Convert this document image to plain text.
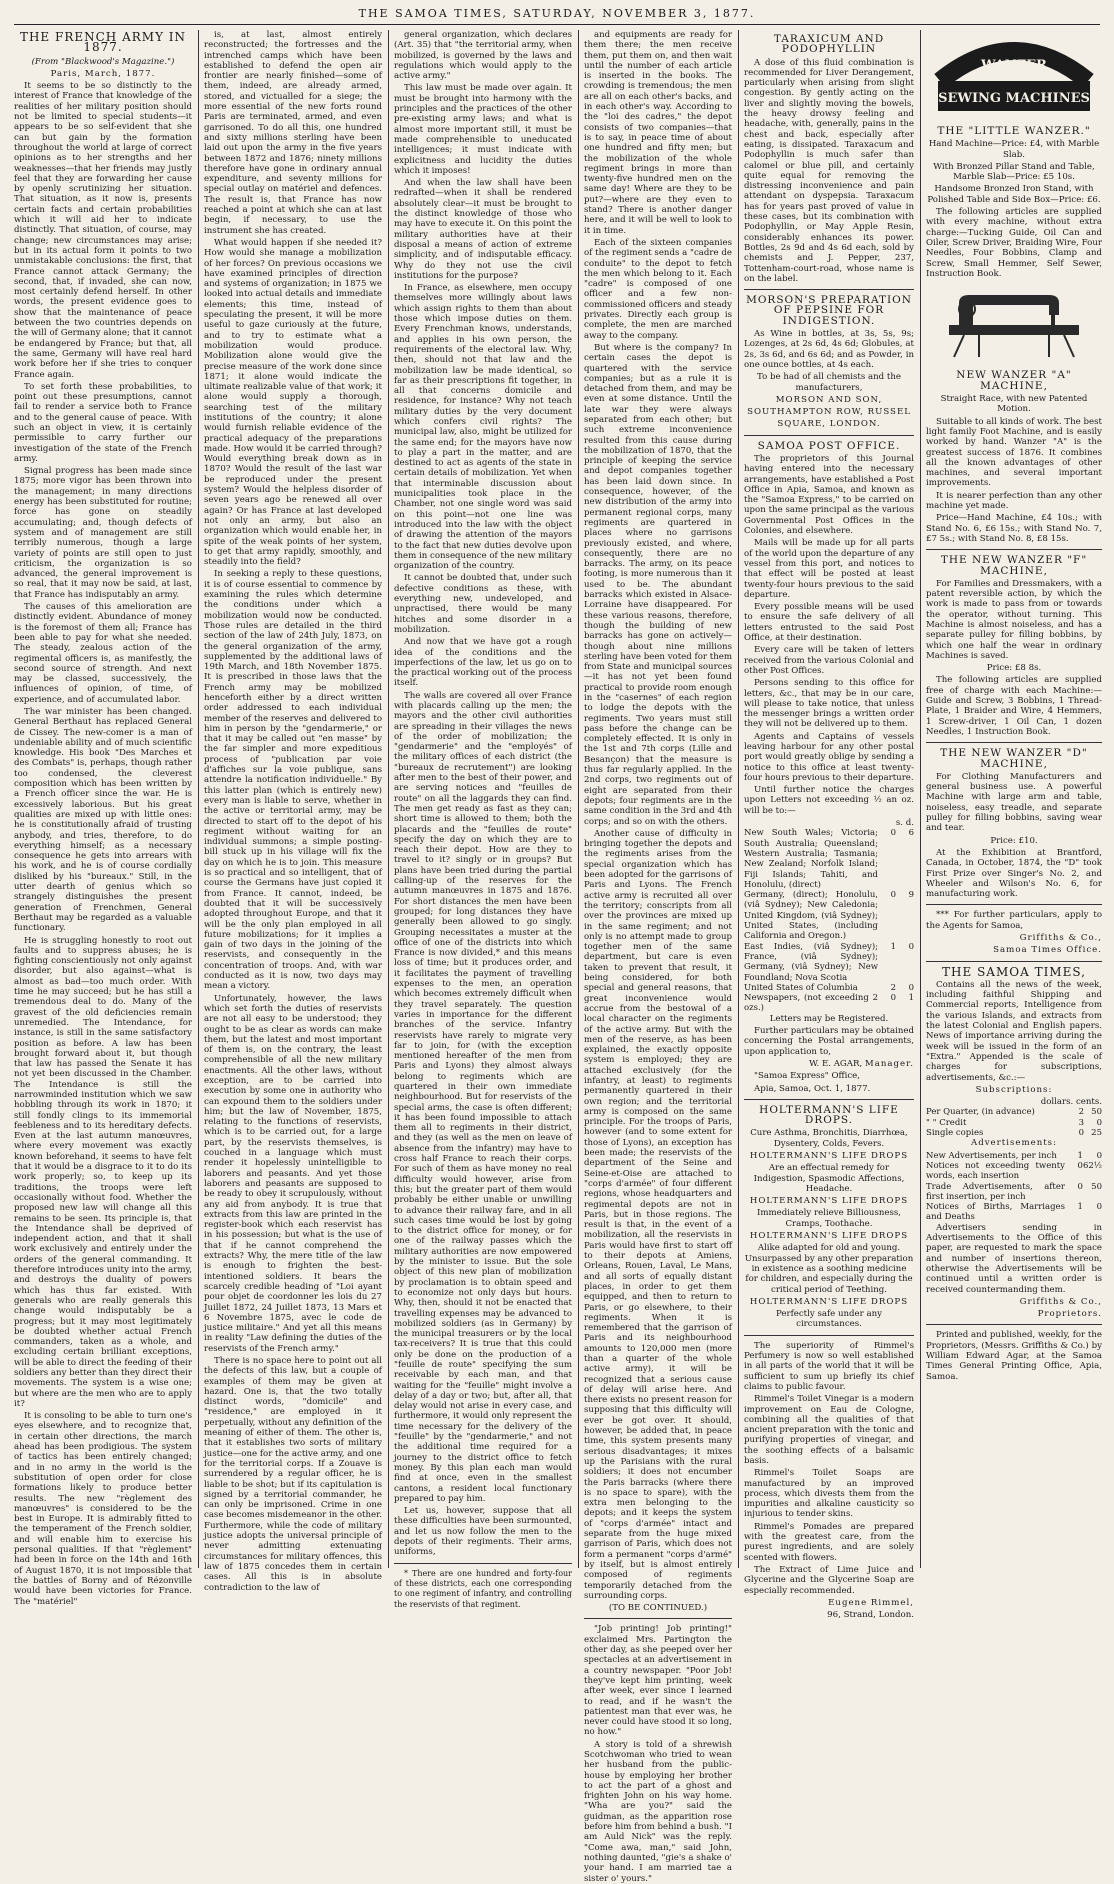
THE SAMOA TIMES, SATURDAY, NOVEMBER 3, 1877.
THE FRENCH ARMY IN 1877.

(From "Blackwood's Magazine.")

Paris, March, 1877.

It seems to be so distinctly to the interest of France that knowledge of the realities of her military position should not be limited to special students—it appears to be so self-evident that she can but gain by the formation throughout the world at large of correct opinions as to her strengths and her weaknesses—that her friends may justly feel that they are forwarding her cause by openly scrutinizing her situation. That situation, as it now is, presents certain facts and certain probabilities which it will aid her to indicate distinctly. That situation, of course, may change; new circumstances may arise; but in its actual form it points to two unmistakable conclusions: the first, that France cannot attack Germany; the second, that, if invaded, she can now, most certainly defend herself. In other words, the present evidence goes to show that the maintenance of peace between the two countries depends on the will of Germany alone; that it cannot be endangered by France; but that, all the same, Germany will have real hard work before her if she tries to conquer France again.

To set forth these probabilities, to point out these presumptions, cannot fail to render a service both to France and to the general cause of peace. With such an object in view, it is certainly permissible to carry further our investigation of the state of the French army.

Signal progress has been made since 1875; more vigor has been thrown into the management; in many directions energy has been substituted for routine; force has gone on steadily accumulating; and, though defects of system and of management are still terribly numerous, though a large variety of points are still open to just criticism, the organization is so advanced, the general improvement is so real, that it may now be said, at last, that France has indisputably an army.

The causes of this amelioration are distinctly evident. Abundance of money is the foremost of them all; France has been able to pay for what she needed. The steady, zealous action of the regimental officers is, as manifestly, the second source of strength. And next may be classed, successively, the influences of opinion, of time, of experience, and of accumulated labor.

The war minister has been changed. General Berthaut has replaced General de Cissey. The new-comer is a man of undeniable ability and of much scientific knowledge. His book "Des Marches et des Combats" is, perhaps, though rather too condensed, the cleverest composition which has been written by a French officer since the war. He is excessively laborious. But his great qualities are mixed up with little ones: he is constitutionally afraid of trusting anybody, and tries, therefore, to do everything himself; as a necessary consequence he gets into arrears with his work, and he is of course cordially disliked by his "bureaux." Still, in the utter dearth of genius which so strangely distinguishes the present generation of Frenchmen, General Berthaut may be regarded as a valuable functionary.

He is struggling honestly to root out faults and to suppress abuses; he is fighting conscientiously not only against disorder, but also against—what is almost as bad—too much order. With time he may succeed; but he has still a tremendous deal to do. Many of the gravest of the old deficiencies remain unremedied. The Intendance, for instance, is still in the same satisfactory position as before. A law has been brought forward about it, but though that law has passed the Senate it has not yet been discussed in the Chamber. The Intendance is still the narrowminded institution which we saw hobbling through its work in 1870; it still fondly clings to its immemorial feebleness and to its hereditary defects. Even at the last autumn manœuvres, where every movement was exactly known beforehand, it seems to have felt that it would be a disgrace to it to do its work properly; so, to keep up its traditions, the troops were left occasionally without food. Whether the proposed new law will change all this remains to be seen. Its principle is, that the Intendance shall be deprived of independent action, and that it shall work exclusively and entirely under the orders of the general commanding. It therefore introduces unity into the army, and destroys the duality of powers which has thus far existed. With generals who are really generals this change would indisputably be a progress; but it may most legitimately be doubted whether actual French commanders, taken as a whole, and excluding certain brilliant exceptions, will be able to direct the feeding of their soldiers any better than they direct their movements. The system is a wise one; but where are the men who are to apply it?

It is consoling to be able to turn one's eyes elsewhere, and to recognize that, in certain other directions, the march ahead has been prodigious. The system of tactics has been entirely changed; and in no army in the world is the substitution of open order for close formations likely to produce better results. The new "règlement des manœuvres" is considered to be the best in Europe. It is admirably fitted to the temperament of the French soldier, and will enable him to exercise his personal qualities. If that "règlement" had been in force on the 14th and 16th of August 1870, it is not impossible that the battles of Borny and of Rézonville would have been victories for France. The "matériel"

is, at last, almost entirely reconstructed; the fortresses and the intrenched camps which have been established to defend the open air frontier are nearly finished—some of them, indeed, are already armed, stored, and victualled for a siege; the more essential of the new forts round Paris are terminated, armed, and even garrisoned. To do all this, one hundred and sixty millions sterling have been laid out upon the army in the five years between 1872 and 1876; ninety millions therefore have gone in ordinary annual expenditure, and seventy millions for special outlay on matériel and defences. The result is, that France has now reached a point at which she can at last begin, if necessary, to use the instrument she has created.

What would happen if she needed it? How would she manage a mobilization of her forces? On previous occasions we have examined principles of direction and systems of organization; in 1875 we looked into actual details and immediate elements; this time, instead of speculating the present, it will be more useful to gaze curiously at the future, and to try to estimate what a mobilization would produce. Mobilization alone would give the precise measure of the work done since 1871; it alone would indicate the ultimate realizable value of that work; it alone would supply a thorough, searching test of the military institutions of the country; it alone would furnish reliable evidence of the practical adequacy of the preparations made. How would it be carried through? Would everything break down as in 1870? Would the result of the last war be reproduced under the present system? Would the helpless disorder of seven years ago be renewed all over again? Or has France at last developed not only an army, but also an organization which would enable her, in spite of the weak points of her system, to get that army rapidly, smoothly, and steadily into the field?

In seeking a reply to these questions, it is of course essential to commence by examining the rules which determine the conditions under which a mobilization would now be conducted. Those rules are detailed in the third section of the law of 24th July, 1873, on the general organization of the army, supplemented by the additional laws of 19th March, and 18th November 1875. It is prescribed in those laws that the French army may be mobilized henceforth either by a direct written order addressed to each individual member of the reserves and delivered to him in person by the "gendarmerie," or that it may be called out "en masse" by the far simpler and more expeditious process of "publication par voie d'affiches sur la voie publique, sans attendre la notification individuelle." By this latter plan (which is entirely new) every man is liable to serve, whether in the active or territorial army, may be directed to start off to the depot of his regiment without waiting for an individual summons; a simple posting-bill stuck up in his village will fix the day on which he is to join. This measure is so practical and so intelligent, that of course the Germans have just copied it from France. It cannot, indeed, be doubted that it will be successively adopted throughout Europe, and that it will be the only plan employed in all future mobilizations; for it implies a gain of two days in the joining of the reservists, and consequently in the concentration of troops. And, with war conducted as it is now, two days may mean a victory.

Unfortunately, however, the laws which set forth the duties of reservists are not all easy to be understood; they ought to be as clear as words can make them, but the latest and most important of them is, on the contrary, the least comprehensible of all the new military enactments. All the other laws, without exception, are to be carried into execution by some one in authority who can expound them to the soldiers under him; but the law of November, 1875, relating to the functions of reservists, which is to be carried out, for a large part, by the reservists themselves, is couched in a language which must render it hopelessly unintelligible to laborers and peasants. And yet those laborers and peasants are supposed to be ready to obey it scrupulously, without any aid from anybody. It is true that extracts from this law are printed in the register-book which each reservist has in his possession; but what is the use of that if he cannot comprehend the extracts? Why, the mere title of the law is enough to frighten the best-intentioned soldiers. It bears the scarcely credible heading of "Loi ayant pour objet de coordonner les lois du 27 Juillet 1872, 24 Juillet 1873, 13 Mars et 6 Novembre 1875, avec le code de justice militaire." And yet all this means in reality "Law defining the duties of the reservists of the French army."

There is no space here to point out all the defects of this law, but a couple of examples of them may be given at hazard. One is, that the two totally distinct words, "domicile" and "residence," are employed in it perpetually, without any definition of the meaning of either of them. The other is, that it establishes two sorts of military justice—one for the active army, and one for the territorial corps. If a Zouave is surrendered by a regular officer, he is liable to be shot; but if its capitulation is signed by a territorial commander, he can only be imprisoned. Crime in one case becomes misdemeanor in the other. Furthermore, while the code of military justice adopts the universal principle of never admitting extenuating circumstances for military offences, this law of 1875 concedes them in certain cases. All this is in absolute contradiction to the law of

general organization, which declares (Art. 35) that "the territorial army, when mobilized, is governed by the laws and regulations which would apply to the active army."

This law must be made over again. It must be brought into harmony with the principles and the practices of the other pre-existing army laws; and what is almost more important still, it must be made comprehensible to uneducated intelligences; it must indicate with explicitness and lucidity the duties which it imposes!

And when the law shall have been redrafted—when it shall be rendered absolutely clear—it must be brought to the distinct knowledge of those who may have to execute it. On this point the military authorities have at their disposal a means of action of extreme simplicity, and of indisputable efficacy. Why do they not use the civil institutions for the purpose?

In France, as elsewhere, men occupy themselves more willingly about laws which assign rights to them than about those which impose duties on them. Every Frenchman knows, understands, and applies in his own person, the requirements of the electoral law. Why, then, should not that law and the mobilization law be made identical, so far as their prescriptions fit together, in all that concerns domicile and residence, for instance? Why not teach military duties by the very document which confers civil rights? The municipal law, also, might be utilized for the same end; for the mayors have now to play a part in the matter, and are destined to act as agents of the state in certain details of mobilization. Yet when that interminable discussion about municipalities took place in the Chamber, not one single word was said on this point—not one line was introduced into the law with the object of drawing the attention of the mayors to the fact that new duties devolve upon them in consequence of the new military organization of the country.

It cannot be doubted that, under such defective conditions as these, with everything new, undeveloped, and unpractised, there would be many hitches and some disorder in a mobilization.

And now that we have got a rough idea of the conditions and the imperfections of the law, let us go on to the practical working out of the process itself.

The walls are covered all over France with placards calling up the men; the mayors and the other civil authorities are spreading in their villages the news of the order of mobilization; the "gendarmerie" and the "employés" of the military offices of each district (the "bureaux de recrutement") are looking after men to the best of their power, and are serving notices and "feuilles de route" on all the laggards they can find. The men get ready as fast as they can; short time is allowed to them; both the placards and the "feuilles de route" specify the day on which they are to reach their depot. How are they to travel to it? singly or in groups? But plans have been tried during the partial calling-up of the reserves for the autumn manœuvres in 1875 and 1876. For short distances the men have been grouped; for long distances they have generally been allowed to go singly. Grouping necessitates a muster at the office of one of the districts into which France is now divided,* and this means loss of time; but it produces order, and it facilitates the payment of travelling expenses to the men, an operation which becomes extremely difficult when they travel separately. The question varies in importance for the different branches of the service. Infantry reservists have rarely to migrate very far to join, for (with the exception mentioned hereafter of the men from Paris and Lyons) they almost always belong to regiments which are quartered in their own immediate neighbourhood. But for reservists of the special arms, the case is often different; it has been found impossible to attach them all to regiments in their district, and they (as well as the men on leave of absence from the infantry) may have to cross half France to reach their corps. For such of them as have money no real difficulty would however, arise from this; but the greater part of them would probably be either unable or unwilling to advance their railway fare, and in all such cases time would be lost by going to the district office for money, or for one of the railway passes which the military authorities are now empowered by the minister to issue. But the sole object of this new plan of mobilization by proclamation is to obtain speed and to economize not only days but hours. Why, then, should it not be enacted that travelling expenses may be advanced to mobilized soldiers (as in Germany) by the municipal treasurers or by the local tax-receivers? It is true that this could only be done on the production of a "feuille de route" specifying the sum receivable by each man, and that waiting for the "feuille" might involve a delay of a day or two; but, after all, that delay would not arise in every case, and furthermore, it would only represent the time necessary for the delivery of the "feuille" by the "gendarmerie," and not the additional time required for a journey to the district office to fetch money. By this plan each man would find at once, even in the smallest cantons, a resident local functionary prepared to pay him.

Let us, however, suppose that all these difficulties have been surmounted, and let us now follow the men to the depots of their regiments. Their arms, uniforms,

* There are one hundred and forty-four of these districts, each one corresponding to one regiment of infantry, and controlling the reservists of that regiment.

and equipments are ready for them there; the men receive them, put them on, and then wait until the number of each article is inserted in the books. The crowding is tremendous; the men are all on each other's backs, and in each other's way. According to the "loi des cadres," the depot consists of two companies—that is to say, in peace time of about one hundred and fifty men; but the mobilization of the whole regiment brings in more than twenty-five hundred men on the same day! Where are they to be put?—where are they even to stand? There is another danger here, and it will be well to look to it in time.

Each of the sixteen companies of the regiment sends a "cadre de conduite" to the depot to fetch the men which belong to it. Each "cadre" is composed of one officer and a few non-commissioned officers and steady privates. Directly each group is complete, the men are marched away to the company.

But where is the company? In certain cases the depot is quartered with the service companies; but as a rule it is detached from them, and may be even at some distance. Until the late war they were always separated from each other; but such extreme inconvenience resulted from this cause during the mobilization of 1870, that the principle of keeping the service and depot companies together has been laid down since. In consequence, however, of the new distribution of the army into permanent regional corps, many regiments are quartered in places where no garrisons previously existed, and where, consequently, there are no barracks. The army, on its peace footing, is more numerous than it used to be. The abundant barracks which existed in Alsace-Lorraine have disappeared. For these various reasons, therefore, though the building of new barracks has gone on actively—though about nine millions sterling have been voted for them from State and municipal sources—it has not yet been found practical to provide room enough in the "casernes" of each region to lodge the depots with the regiments. Two years must still pass before the change can be completely effected. It is only in the 1st and 7th corps (Lille and Besançon) that the measure is thus far regularly applied. In the 2nd corps, two regiments out of eight are separated from their depots; four regiments are in the same condition in the 3rd and 4th corps; and so on with the others.

Another cause of difficulty in bringing together the depots and the regiments arises from the special organization which has been adopted for the garrisons of Paris and Lyons. The French active army is recruited all over the territory; conscripts from all over the provinces are mixed up in the same regiment; and not only is no attempt made to group together men of the same department, but care is even taken to prevent that result, it being considered, for both special and general reasons, that great inconvenience would accrue from the bestowal of a local character on the regiments of the active army. But with the men of the reserve, as has been explained, the exactly opposite system is employed; they are attached exclusively (for the infantry, at least) to regiments permanently quartered in their own region; and the territorial army is composed on the same principle. For the troops of Paris, however (and to some extent for those of Lyons), an exception has been made; the reservists of the department of the Seine and Seine-et-Oise are attached to "corps d'armée" of four different regions, whose headquarters and regimental depots are not in Paris, but in those regions. The result is that, in the event of a mobilization, all the reservists in Paris would have first to start off to their depots at Amiens, Orleans, Rouen, Laval, Le Mans, and all sorts of equally distant places, in order to get them equipped, and then to return to Paris, or go elsewhere, to their regiments. When it is remembered that the garrison of Paris and its neighbourhood amounts to 120,000 men (more than a quarter of the whole active army), it will be recognized that a serious cause of delay will arise here. And there exists no present reason for supposing that this difficulty will ever be got over. It should, however, be added that, in peace time, this system presents many serious disadvantages; it mixes up the Parisians with the rural soldiers; it does not encumber the Paris barracks (where there is no space to spare), with the extra men belonging to the depots; and it keeps the system of "corps d'armée" intact and separate from the huge mixed garrison of Paris, which does not form a permanent "corps d'armé" by itself, but is almost entirely composed of regiments temporarily detached from the surrounding corps.

(TO BE CONTINUED.)

"Job printing! Job printing!" exclaimed Mrs. Partington the other day, as she peeped over her spectacles at an advertisement in a country newspaper. "Poor Job! they've kept him printing, week after week, ever since I learned to read, and if he wasn't the patientest man that ever was, he never could have stood it so long, no how."

A story is told of a shrewish Scotchwoman who tried to wean her husband from the public-house by employing her brother to act the part of a ghost and frighten John on his way home. "Wha are you?" said the guidman, as the apparition rose before him from behind a bush. "I am Auld Nick" was the reply. "Come awa, man," said John, nothing daunted, "gie's a shake o' your hand. I am married tae a sister o' yours."

TARAXICUM AND PODOPHYLLIN

A dose of this fluid combination is recommended for Liver Derangement, particularly when arising from slight congestion. By gently acting on the liver and slightly moving the bowels, the heavy drowsy feeling and headache, with, generally, pains in the chest and back, especially after eating, is dissipated. Taraxacum and Podophyllin is much safer than calomel or blue pill, and certainly quite equal for removing the distressing inconvenience and pain attendant on dyspepsia. Taraxacum has for years past proved of value in these cases, but its combination with Podophyllin, or May Apple Resin, considerably enhances its power. Bottles, 2s 9d and 4s 6d each, sold by chemists and J. Pepper, 237, Tottenham-court-road, whose name is on the label.

MORSON'S PREPARATION OF PEPSINE FOR INDIGESTION.

As Wine in bottles, at 3s, 5s, 9s; Lozenges, at 2s 6d, 4s 6d; Globules, at 2s, 3s 6d, and 6s 6d; and as Powder, in one ounce bottles, at 4s each.

To be had of all chemists and the manufacturers,

MORSON AND SON,

SOUTHAMPTON ROW, RUSSEL

SQUARE, LONDON.

SAMOA POST OFFICE.

The proprietors of this Journal having entered into the necessary arrangements, have established a Post Office in Apia, Samoa, and known as the "Samoa Express," to be carried on upon the same principal as the various Governmental Post Offices in the Colonies, and elsewhere.

Mails will be made up for all parts of the world upon the departure of any vessel from this port, and notices to that effect will be posted at least twenty-four hours previous to the said departure.

Every possible means will be used to ensure the safe delivery of all letters entrusted to the said Post Office, at their destination.

Every care will be taken of letters received from the various Colonial and other Post Offices.

Persons sending to this office for letters, &c., that may be in our care, will please to take notice, that unless the messenger brings a written order they will not be delivered up to them.

Agents and Captains of vessels leaving harbour for any other postal port would greatly oblige by sending a notice to this office at least twenty-four hours previous to their departure.

Until further notice the charges upon Letters not exceeding ½ an oz. will be to:—

s. d.
New South Wales; Victoria; South Australia; Queensland; Western Australia; Tasmania; New Zealand; Norfolk Island; Fiji Islands; Tahiti, and Honolulu, (direct)	0	6
Germany, (direct); Honolulu, (viâ Sydney); New Caledonia; United Kingdom, (viâ Sydney); United States, (including California and Oregon.)	0	9
East Indies, (viâ Sydney); France, (viâ Sydney); Germany, (viâ Sydney); New Foundland; Nova Scotia	1	0
United States of Columbia	2	0
Newspapers, (not exceeding 2 ozs.)	0	1

Letters may be Registered.

Further particulars may be obtained concerning the Postal arrangements, upon application to,

W. E. AGAR, Manager.

"Samoa Express" Office,

Apia, Samoa, Oct. 1, 1877.

HOLTERMANN'S LIFE DROPS.

Cure Asthma, Bronchitis, Diarrhœa, Dysentery, Colds, Fevers.

HOLTERMANN'S LIFE DROPS

Are an effectual remedy for Indigestion, Spasmodic Affections, Headache.

HOLTERMANN'S LIFE DROPS

Immediately relieve Billiousness, Cramps, Toothache.

HOLTERMANN'S LIFE DROPS

Alike adapted for old and young. Unsurpassed by any other preparation in existence as a soothing medicine for children, and especially during the critical period of Teething.

HOLTERMANN'S LIFE DROPS

Perfectly safe under any circumstances.

The superiority of Rimmel's Perfumery is now so well established in all parts of the world that it will be sufficient to sum up briefly its chief claims to public favour.

Rimmel's Toilet Vinegar is a modern improvement on Eau de Cologne, combining all the qualities of that ancient preparation with the tonic and purifying properties of vinegar, and the soothing effects of a balsamic basis.

Rimmel's Toilet Soaps are manufactured by an improved process, which divests them from the impurities and alkaline causticity so injurious to tender skins.

Rimmel's Pomades are prepared with the greatest care, from the purest ingredients, and are solely scented with flowers.

The Extract of Lime Juice and Glycerine and the Glycerine Soap are especially recommended.

Eugene Rimmel,

96, Strand, London.

WANZER
SEWING MACHINES
THE "LITTLE WANZER."

Hand Machine—Price: £4, with Marble Slab.

With Bronzed Pillar Stand and Table, Marble Slab—Price: £5 10s.

Handsome Bronzed Iron Stand, with Polished Table and Side Box—Price: £6.

The following articles are supplied with every machine, without extra charge:—Tucking Guide, Oil Can and Oiler, Screw Driver, Braiding Wire, Four Needles, Four Bobbins, Clamp and Screw, Small Hemmer, Self Sewer, Instruction Book.

NEW WANZER "A" MACHINE,

Straight Race, with new Patented Motion.

Suitable to all kinds of work. The best light family Foot Machine, and is easily worked by hand. Wanzer "A" is the greatest success of 1876. It combines all the known advantages of other machines, and several important improvements.

It is nearer perfection than any other machine yet made.

Price—Hand Machine, £4 10s.; with Stand No. 6, £6 15s.; with Stand No. 7, £7 5s.; with Stand No. 8, £8 15s.

THE NEW WANZER "F" MACHINE,

For Families and Dressmakers, with a patent reversible action, by which the work is made to pass from or towards the operator, without turning. This Machine is almost noiseless, and has a separate pulley for filling bobbins, by which one half the wear in ordinary Machines is saved.

Price: £8 8s.

The following articles are supplied free of charge with each Machine:—Guide and Screw, 3 Bobbins, 1 Thread-Plate, 1 Braider and Wire, 4 Hemmers, 1 Screw-driver, 1 Oil Can, 1 dozen Needles, 1 Instruction Book.

THE NEW WANZER "D" MACHINE,

For Clothing Manufacturers and general business use. A powerful Machine with large arm and table, noiseless, easy treadle, and separate pulley for filling bobbins, saving wear and tear.

Price: £10.

At the Exhibition at Brantford, Canada, in October, 1874, the "D" took First Prize over Singer's No. 2, and Wheeler and Wilson's No. 6, for manufacturing work.

*** For further particulars, apply to the Agents for Samoa,

Griffiths & Co.,

Samoa Times Office.

THE SAMOA TIMES,

Contains all the news of the week, including faithful Shipping and Commercial reports, Intelligence from the various Islands, and extracts from the latest Colonial and English papers. News of importance arriving during the week will be issued in the form of an "Extra." Appended is the scale of charges for subscriptions, advertisements, &c.:—

Subscriptions:

dollars. cents.
Per Quarter, (in advance)	2	50
" " Credit	3	0
Single copies	0	25

Advertisements:

New Advertisements, per inch	1	0
Notices not exceeding twenty words, each insertion	0	62½
Trade Advertisements, after first insertion, per inch	0	50
Notices of Births, Marriages and Deaths	1	0

Advertisers sending in Advertisements to the Office of this paper, are requested to mark the space and number of insertions thereon, otherwise the Advertisements will be continued until a written order is received countermanding them.

Griffiths & Co.,

Proprietors.

Printed and published, weekly, for the Proprietors, (Messrs. Griffiths & Co.) by William Edward Agar, at the Samoa Times General Printing Office, Apia, Samoa.
